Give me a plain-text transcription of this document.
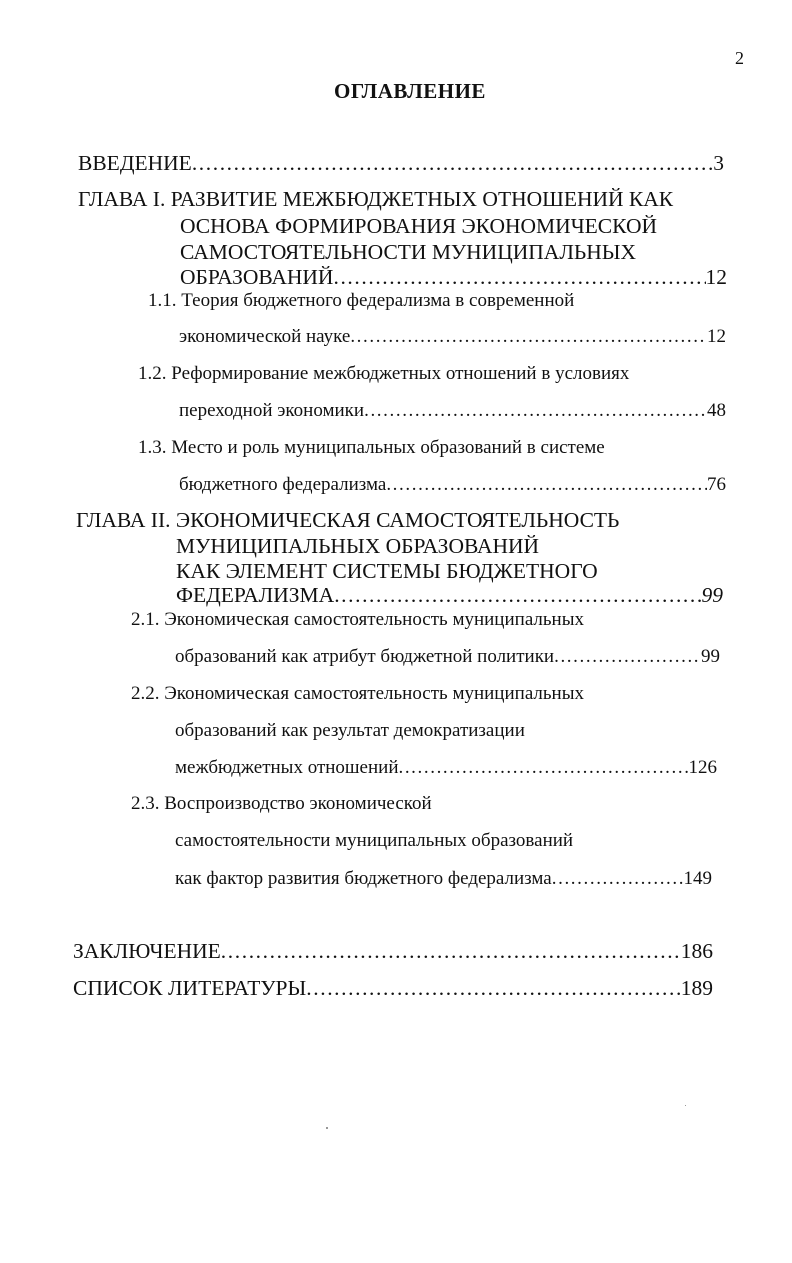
2
ОГЛАВЛЕНИЕ
ВВЕДЕНИЕ .....	3
ГЛАВА I. РАЗВИТИЕ МЕЖБЮДЖЕТНЫХ ОТНОШЕНИЙ КАК
ОСНОВА ФОРМИРОВАНИЯ ЭКОНОМИЧЕСКОЙ
САМОСТОЯТЕЛЬНОСТИ МУНИЦИПАЛЬНЫХ
ОБРАЗОВАНИЙ .....	12
1.1. Теория бюджетного федерализма в современной
экономической науке .....	12
1.2. Реформирование межбюджетных отношений в условиях
переходной экономики .....	48
1.3. Место и роль муниципальных образований в системе
бюджетного федерализма .....	76
ГЛАВА II. ЭКОНОМИЧЕСКАЯ САМОСТОЯТЕЛЬНОСТЬ
МУНИЦИПАЛЬНЫХ ОБРАЗОВАНИЙ
КАК ЭЛЕМЕНТ СИСТЕМЫ БЮДЖЕТНОГО
ФЕДЕРАЛИЗМА .....	99
2.1. Экономическая самостоятельность муниципальных
образований как атрибут бюджетной политики .....	99
2.2. Экономическая самостоятельность муниципальных
образований как результат демократизации
межбюджетных отношений .....	126
2.3. Воспроизводство экономической
самостоятельности муниципальных образований
как фактор развития бюджетного федерализма .....	149
ЗАКЛЮЧЕНИЕ .....	186
СПИСОК ЛИТЕРАТУРЫ .....	189
